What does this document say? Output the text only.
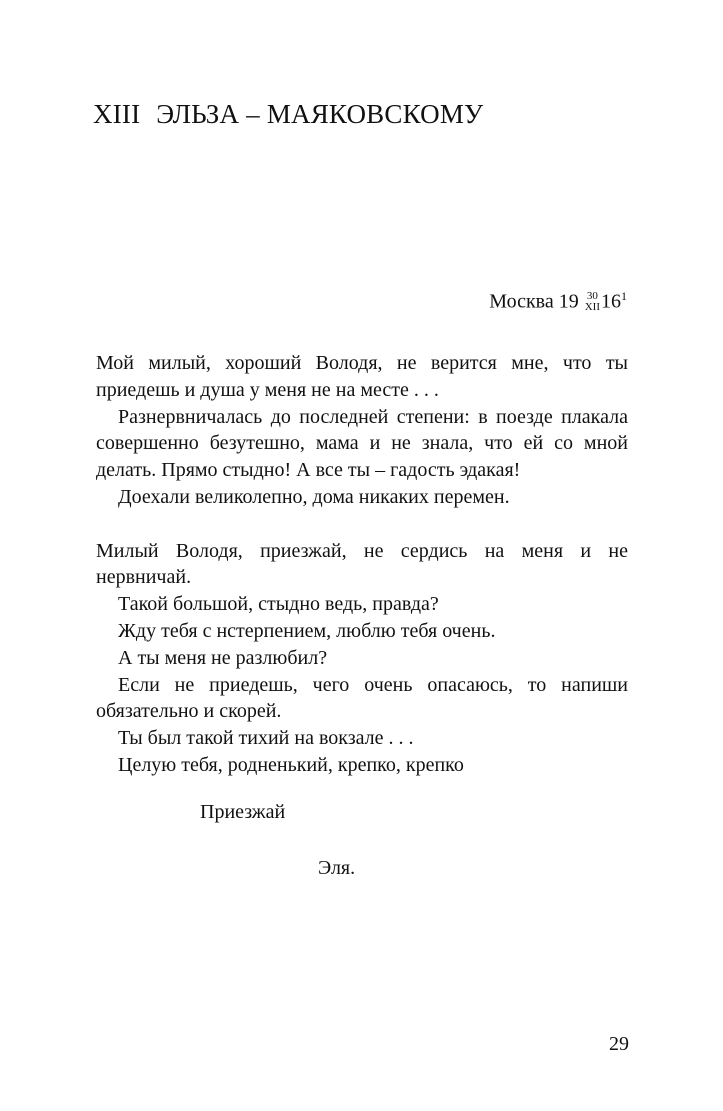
XIII ЭЛЬЗА – МАЯКОВСКОМУ
Москва 19 30
XII $16^1$

Мой милый, хороший Володя, не верится мне, что ты приедешь и душа у меня не на месте . . .

Разнервничалась до последней степени: в поезде плакала совершенно безутешно, мама и не знала, что ей со мной делать. Прямо стыдно! А все ты – гадость эдакая!

Доехали великолепно, дома никаких перемен.

Милый Володя, приезжай, не сердись на меня и не нервничай.

Такой большой, стыдно ведь, правда?

Жду тебя с нстерпением, люблю тебя очень.

А ты меня не разлюбил?

Если не приедешь, чего очень опасаюсь, то напиши обязательно и скорей.

Ты был такой тихий на вокзале . . .

Целую тебя, родненький, крепко, крепко

Приезжай
Эля.
29
